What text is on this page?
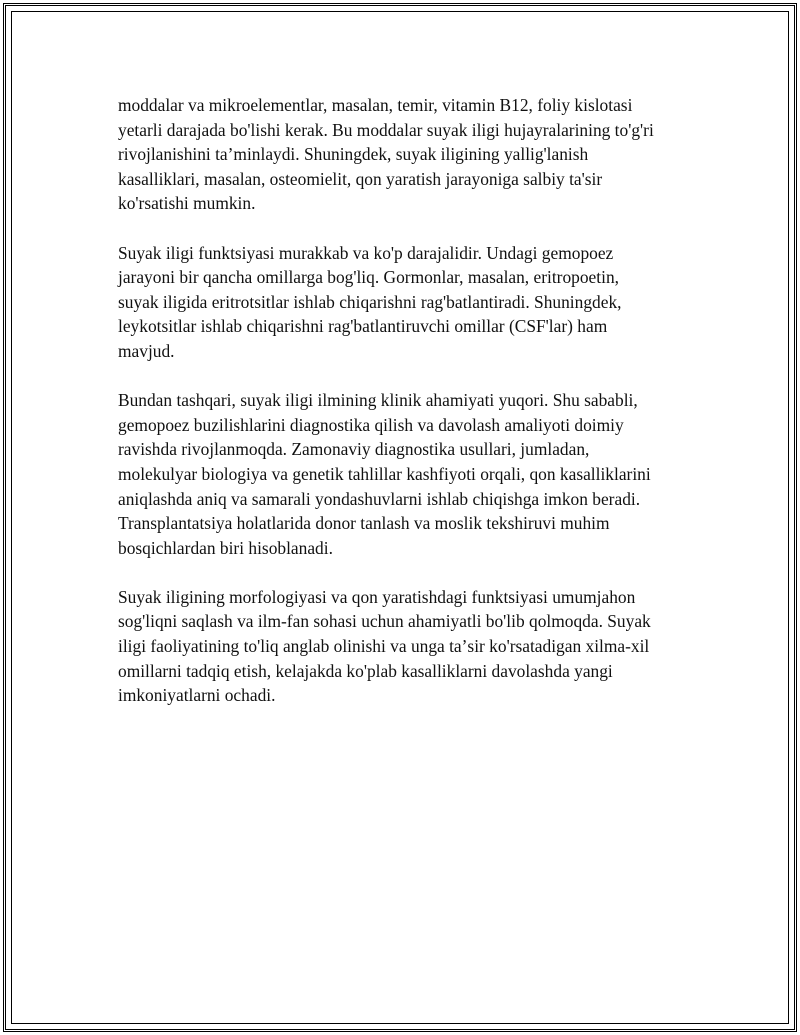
moddalar va mikroelementlar, masalan, temir, vitamin B12, foliy kislotasi
yetarli darajada bo'lishi kerak. Bu moddalar suyak iligi hujayralarining to'g'ri
rivojlanishini taʼminlaydi. Shuningdek, suyak iligining yallig'lanish
kasalliklari, masalan, osteomielit, qon yaratish jarayoniga salbiy ta'sir
ko'rsatishi mumkin.

Suyak iligi funktsiyasi murakkab va ko'p darajalidir. Undagi gemopoez
jarayoni bir qancha omillarga bog'liq. Gormonlar, masalan, eritropoetin,
suyak iligida eritrotsitlar ishlab chiqarishni rag'batlantiradi. Shuningdek,
leykotsitlar ishlab chiqarishni rag'batlantiruvchi omillar (CSF'lar) ham
mavjud.

Bundan tashqari, suyak iligi ilmining klinik ahamiyati yuqori. Shu sababli,
gemopoez buzilishlarini diagnostika qilish va davolash amaliyoti doimiy
ravishda rivojlanmoqda. Zamonaviy diagnostika usullari, jumladan,
molekulyar biologiya va genetik tahlillar kashfiyoti orqali, qon kasalliklarini
aniqlashda aniq va samarali yondashuvlarni ishlab chiqishga imkon beradi.
Transplantatsiya holatlarida donor tanlash va moslik tekshiruvi muhim
bosqichlardan biri hisoblanadi.

Suyak iligining morfologiyasi va qon yaratishdagi funktsiyasi umumjahon
sog'liqni saqlash va ilm-fan sohasi uchun ahamiyatli bo'lib qolmoqda. Suyak
iligi faoliyatining to'liq anglab olinishi va unga taʼsir ko'rsatadigan xilma-xil
omillarni tadqiq etish, kelajakda ko'plab kasalliklarni davolashda yangi
imkoniyatlarni ochadi.
